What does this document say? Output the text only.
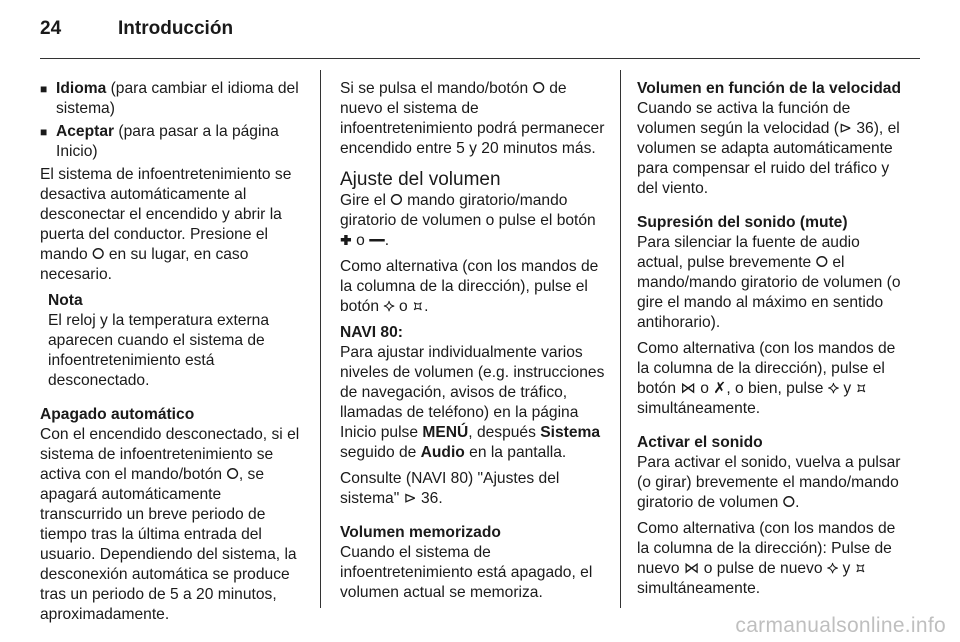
24	Introducción
■ Idioma (para cambiar el idioma del sistema)
■ Aceptar (para pasar a la página Inicio)

El sistema de infoentretenimiento se desactiva automáticamente al desconectar el encendido y abrir la puerta del conductor. Presione el mando ⭘ en su lugar, en caso necesario.

Nota
El reloj y la temperatura externa aparecen cuando el sistema de infoentretenimiento está desconectado.
Apagado automático

Con el encendido desconectado, si el sistema de infoentretenimiento se activa con el mando/botón ⭘, se apagará automáticamente transcurrido un breve periodo de tiempo tras la última entrada del usuario. Dependiendo del sistema, la desconexión automática se produce tras un periodo de 5 a 20 minutos, aproximadamente.

Si se pulsa el mando/botón ⭘ de nuevo el sistema de infoentretenimiento podrá permanecer encendido entre 5 y 20 minutos más.

Ajuste del volumen

Gire el ⭘ mando giratorio/mando giratorio de volumen o pulse el botón ✚ o ━.

Como alternativa (con los mandos de la columna de la dirección), pulse el botón ⯎ o ⯏.

NAVI 80:

Para ajustar individualmente varios niveles de volumen (e.g. instrucciones de navegación, avisos de tráfico, llamadas de teléfono) en la página Inicio pulse MENÚ, después Sistema seguido de Audio en la pantalla.

Consulte (NAVI 80) "Ajustes del sistema" ⊳ 36.

Volumen memorizado

Cuando el sistema de infoentretenimiento está apagado, el volumen actual se memoriza.

Volumen en función de la velocidad

Cuando se activa la función de volumen según la velocidad (⊳ 36), el volumen se adapta automáticamente para compensar el ruido del tráfico y del viento.

Supresión del sonido (mute)

Para silenciar la fuente de audio actual, pulse brevemente ⭘ el mando/mando giratorio de volumen (o gire el mando al máximo en sentido antihorario).

Como alternativa (con los mandos de la columna de la dirección), pulse el botón ⋈ o ✗, o bien, pulse ⯎ y ⯏ simultáneamente.

Activar el sonido

Para activar el sonido, vuelva a pulsar (o girar) brevemente el mando/mando giratorio de volumen ⭘.

Como alternativa (con los mandos de la columna de la dirección): Pulse de nuevo ⋈ o pulse de nuevo ⯎ y ⯏ simultáneamente.

carmanualsonline.info
